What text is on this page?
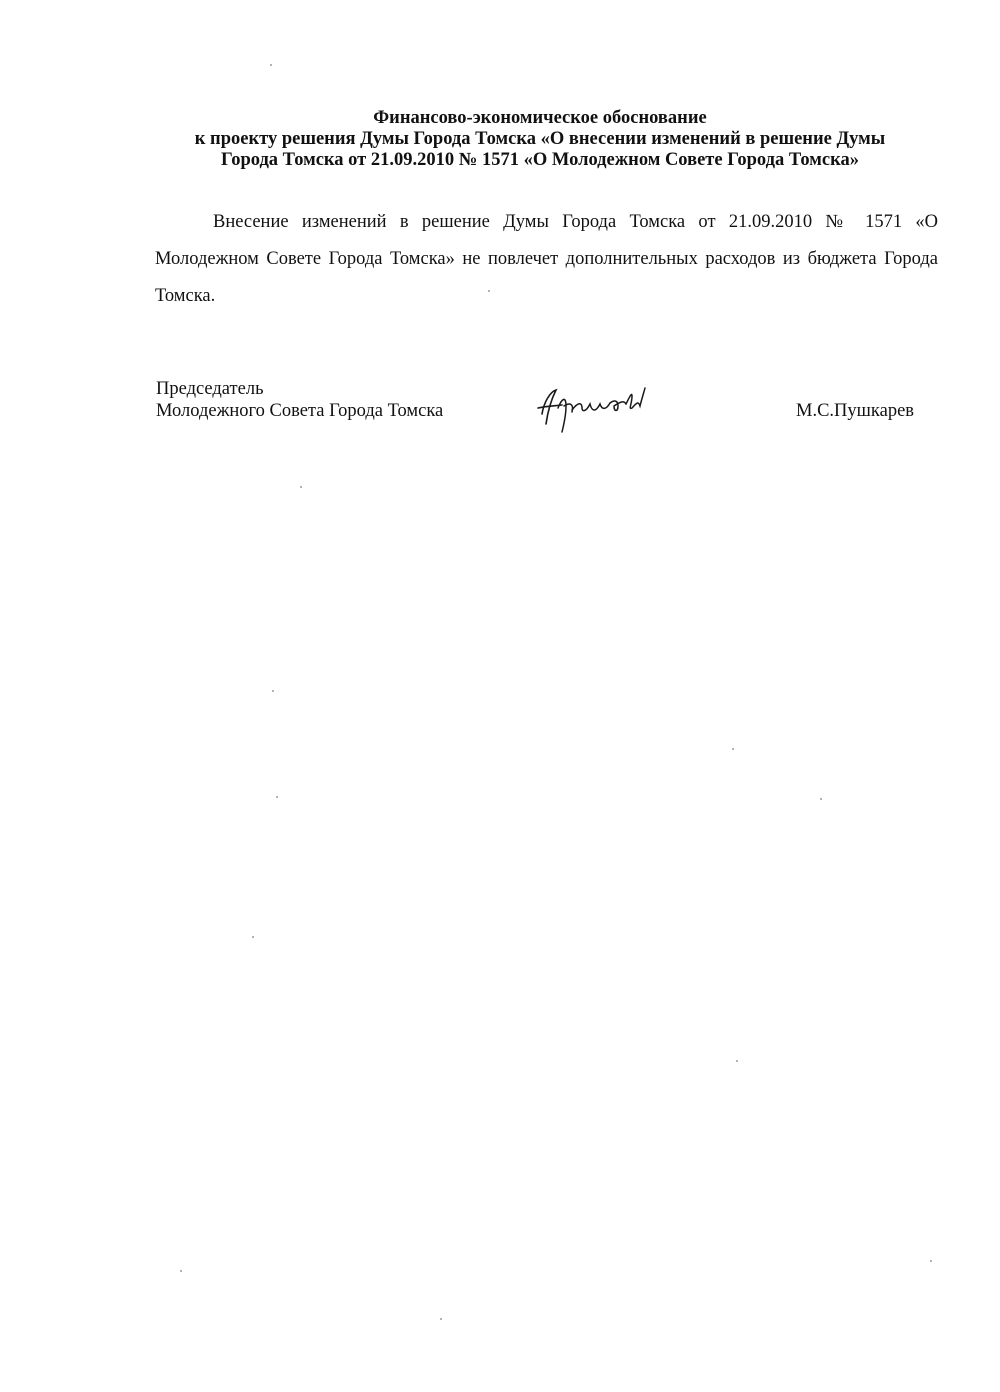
Финансово-экономическое обоснование
к проекту решения Думы Города Томска «О внесении изменений в решение Думы
Города Томска от 21.09.2010 № 1571 «О Молодежном Совете Города Томска»

Внесение изменений в решение Думы Города Томска от 21.09.2010 № 1571 «О Молодежном Совете Города Томска» не повлечет дополнительных расходов из бюджета Города Томска.

Председатель
Молодежного Совета Города Томска	М.С.Пушкарев
